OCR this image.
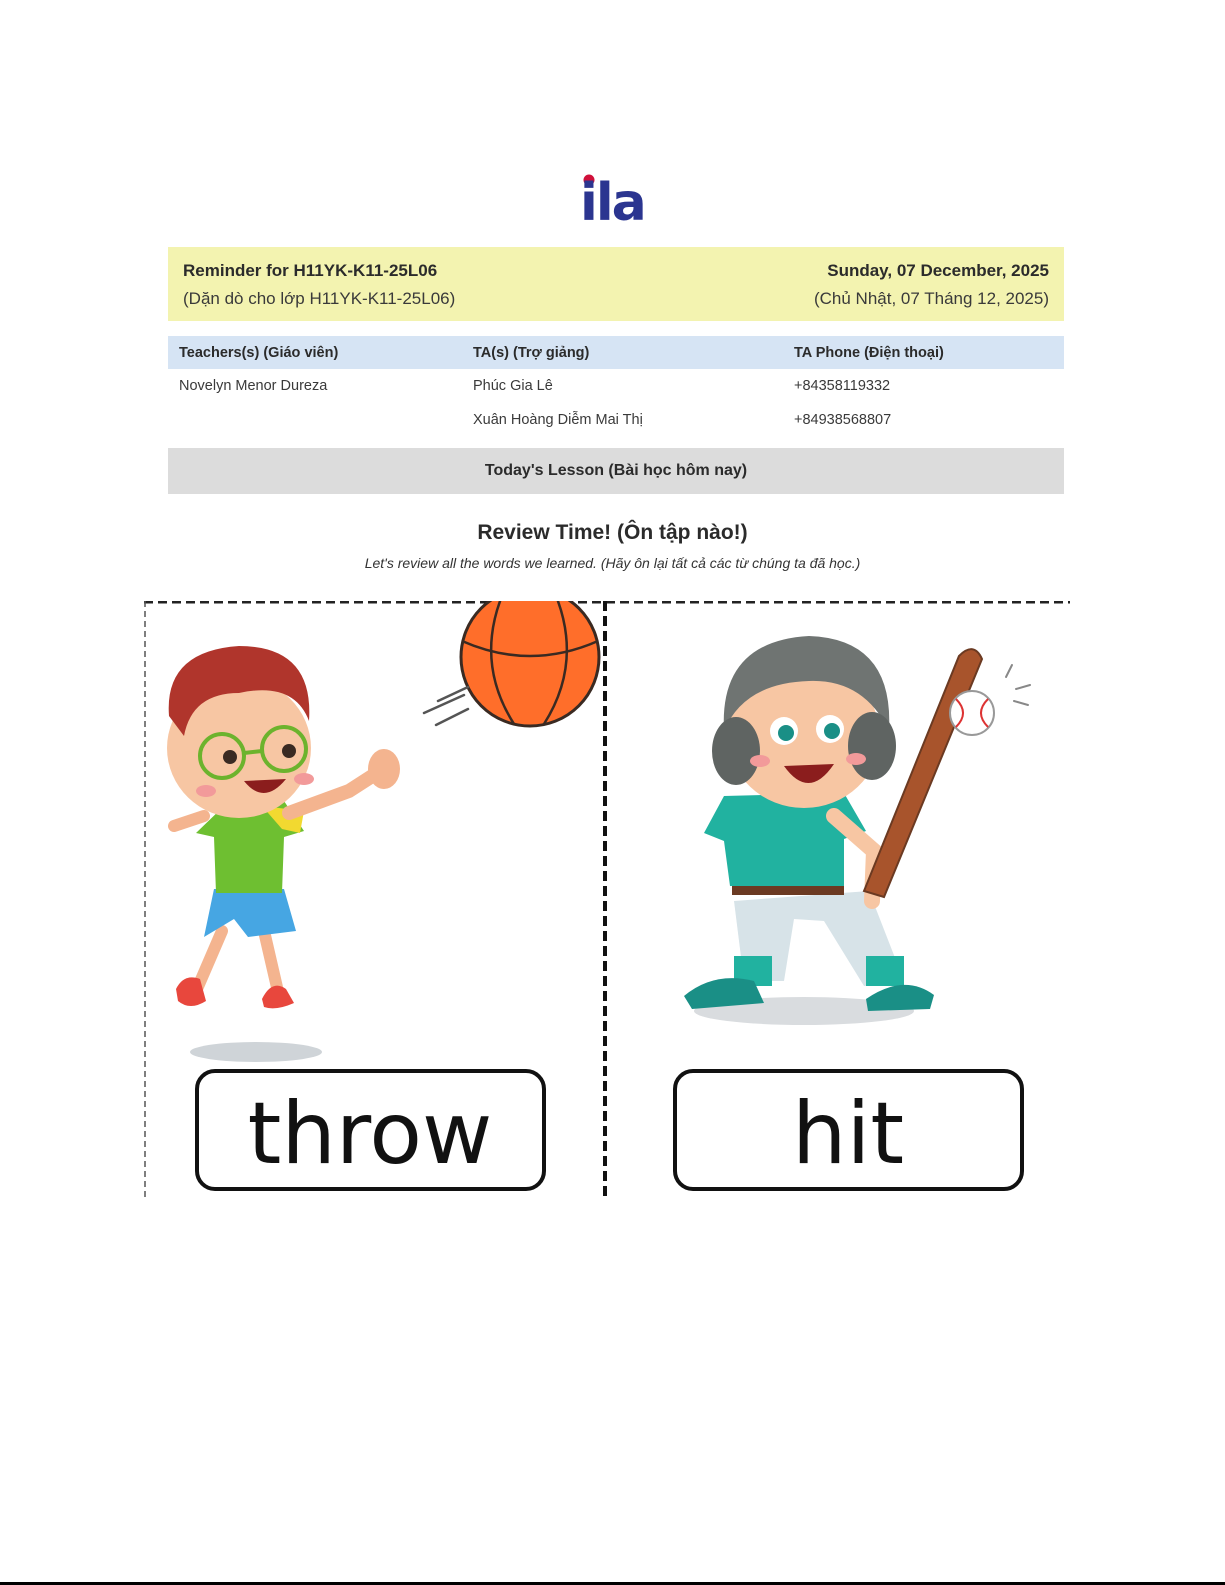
ila
Reminder for H11YK-K11-25L06	Sunday, 07 December, 2025
(Dặn dò cho lớp H11YK-K11-25L06)	(Chủ Nhật, 07 Tháng 12, 2025)
Teachers(s) (Giáo viên)	TA(s) (Trợ giảng)	TA Phone (Điện thoại)
Novelyn Menor Dureza	Phúc Gia Lê	+84358119332
	Xuân Hoàng Diễm Mai Thị	+84938568807
Today's Lesson (Bài học hôm nay)
Review Time! (Ôn tập nào!)
Let's review all the words we learned. (Hãy ôn lại tất cả các từ chúng ta đã học.)
throw	hit
